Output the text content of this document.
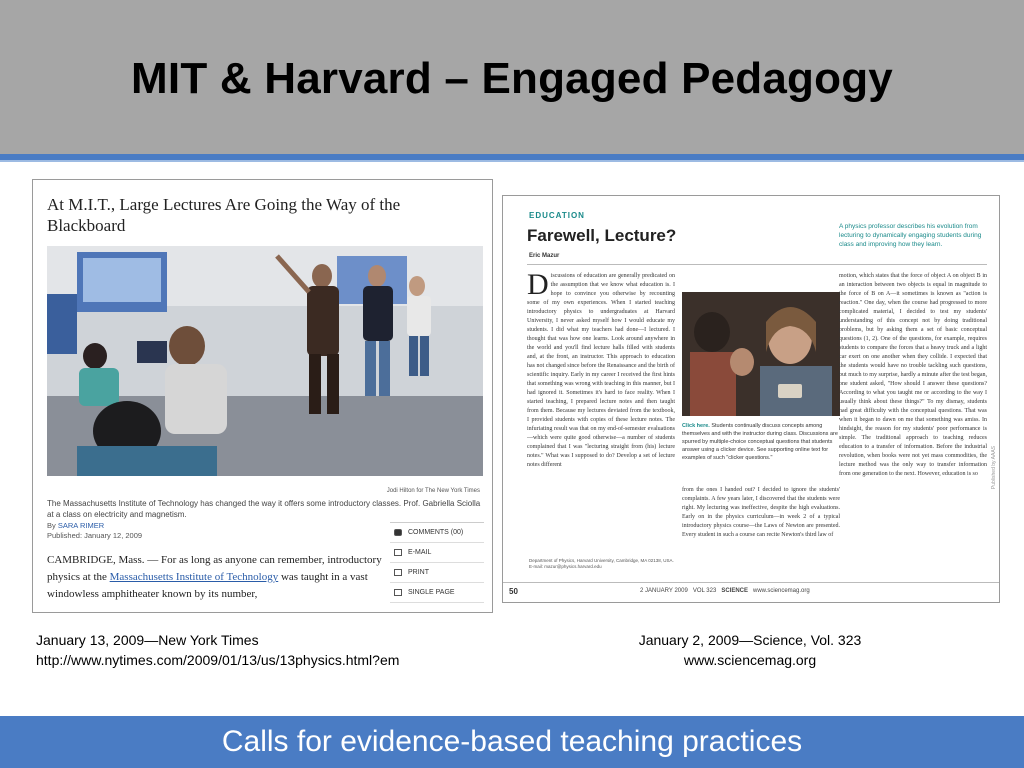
MIT & Harvard – Engaged Pedagogy
At M.I.T., Large Lectures Are Going the Way of the Blackboard
Jodi Hilton for The New York Times
The Massachusetts Institute of Technology has changed the way it offers some introductory classes. Prof. Gabriella Sciolla at a class on electricity and magnetism.
By SARA RIMER
Published: January 12, 2009
CAMBRIDGE, Mass. — For as long as anyone can remember, introductory physics at the Massachusetts Institute of Technology was taught in a vast windowless amphitheater known by its number,
COMMENTS (00)
E-MAIL
PRINT
SINGLE PAGE
EDUCATION
Farewell, Lecture?
Eric Mazur
A physics professor describes his evolution from lecturing to dynamically engaging students during class and improving how they learn.
D iscussions of education are generally predicated on the assumption that we know what education is. I hope to convince you otherwise by recounting some of my own experiences. When I started teaching introductory physics to undergraduates at Harvard University, I never asked myself how I would educate my students. I did what my teachers had done—I lectured. I thought that was how one learns. Look around anywhere in the world and you'll find lecture halls filled with students and, at the front, an instructor. This approach to education has not changed since before the Renaissance and the birth of scientific inquiry. Early in my career I received the first hints that something was wrong with teaching in this manner, but I had ignored it. Sometimes it's hard to face reality. When I started teaching, I prepared lecture notes and then taught from them. Because my lectures deviated from the textbook, I provided students with copies of these lecture notes. The infuriating result was that on my end-of-semester evaluations—which were quite good otherwise—a number of students complained that I was "lecturing straight from (his) lecture notes." What was I supposed to do? Develop a set of lecture notes different
Click here. Students continually discuss concepts among themselves and with the instructor during class. Discussions are spurred by multiple-choice conceptual questions that students answer using a clicker device. See supporting online text for examples of such "clicker questions."
from the ones I handed out? I decided to ignore the students' complaints. A few years later, I discovered that the students were right. My lecturing was ineffective, despite the high evaluations. Early on in the physics curriculum—in week 2 of a typical introductory physics course—the Laws of Newton are presented. Every student in such a course can recite Newton's third law of
motion, which states that the force of object A on object B in an interaction between two objects is equal in magnitude to the force of B on A—it sometimes is known as "action is reaction." One day, when the course had progressed to more complicated material, I decided to test my students' understanding of this concept not by doing traditional problems, but by asking them a set of basic conceptual questions (1, 2). One of the questions, for example, requires students to compare the forces that a heavy truck and a light car exert on one another when they collide. I expected that the students would have no trouble tackling such questions, but much to my surprise, hardly a minute after the test began, one student asked, "How should I answer these questions? According to what you taught me or according to the way I usually think about these things?" To my dismay, students had great difficulty with the conceptual questions. That was when it began to dawn on me that something was amiss. In hindsight, the reason for my students' poor performance is simple. The traditional approach to teaching reduces education to a transfer of information. Before the industrial revolution, when books were not yet mass commodities, the lecture method was the only way to transfer information from one generation to the next. However, education is so
Department of Physics, Harvard University, Cambridge, MA 02138, USA. E-mail: mazur@physics.harvard.edu
50	2 JANUARY 2009 VOL 323 SCIENCE www.sciencemag.org
Published by AAAS
January 13, 2009—New York Times
http://www.nytimes.com/2009/01/13/us/13physics.html?em
January 2, 2009—Science, Vol. 323
www.sciencemag.org
Calls for evidence-based teaching practices
